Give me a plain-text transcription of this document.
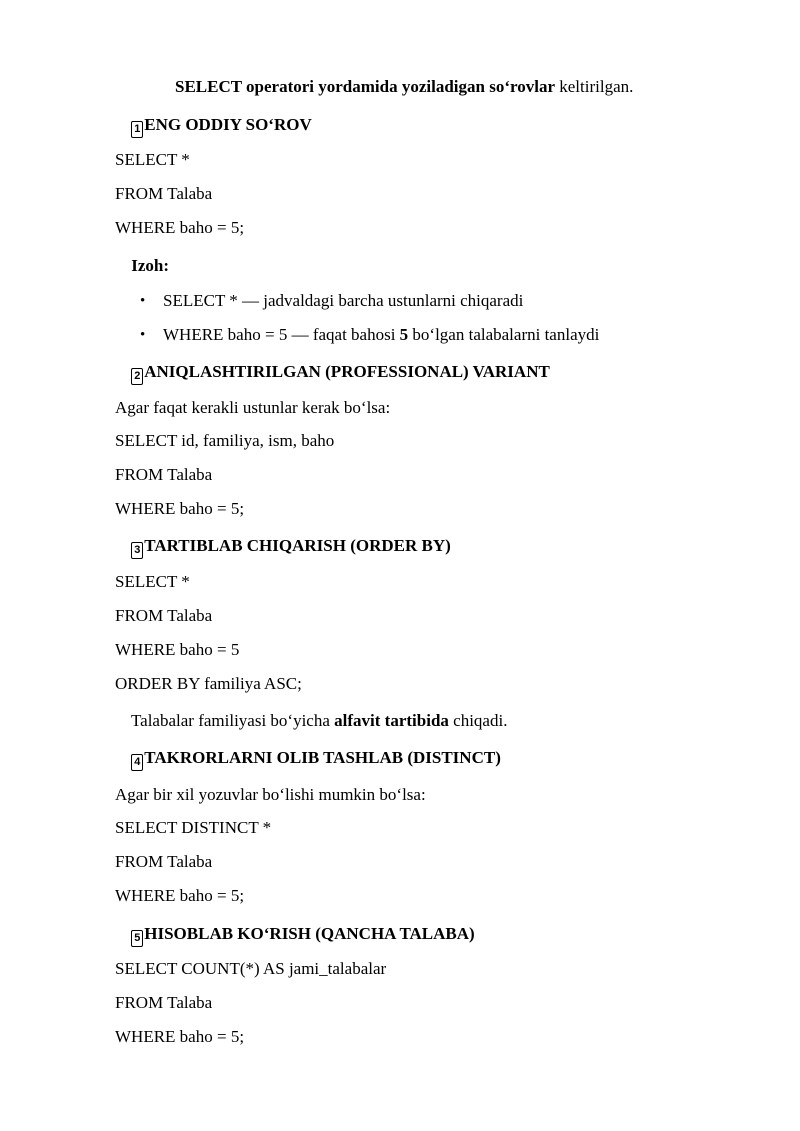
SELECT operatori yordamida yoziladigan so‘rovlar keltirilgan.
1 ENG ODDIY SO‘ROV
SELECT *
FROM Talaba
WHERE baho = 5;
Izoh:
• SELECT * — jadvaldagi barcha ustunlarni chiqaradi
• WHERE baho = 5 — faqat bahosi 5 bo‘lgan talabalarni tanlaydi
2 ANIQLASHTIRILGAN (PROFESSIONAL) VARIANT
Agar faqat kerakli ustunlar kerak bo‘lsa:
SELECT id, familiya, ism, baho
FROM Talaba
WHERE baho = 5;
3 TARTIBLAB CHIQARISH (ORDER BY)
SELECT *
FROM Talaba
WHERE baho = 5
ORDER BY familiya ASC;
Talabalar familiyasi bo‘yicha alfavit tartibida chiqadi.
4 TAKRORLARNI OLIB TASHLAB (DISTINCT)
Agar bir xil yozuvlar bo‘lishi mumkin bo‘lsa:
SELECT DISTINCT *
FROM Talaba
WHERE baho = 5;
5 HISOBLAB KO‘RISH (QANCHA TALABA)
SELECT COUNT(*) AS jami_talabalar
FROM Talaba
WHERE baho = 5;
